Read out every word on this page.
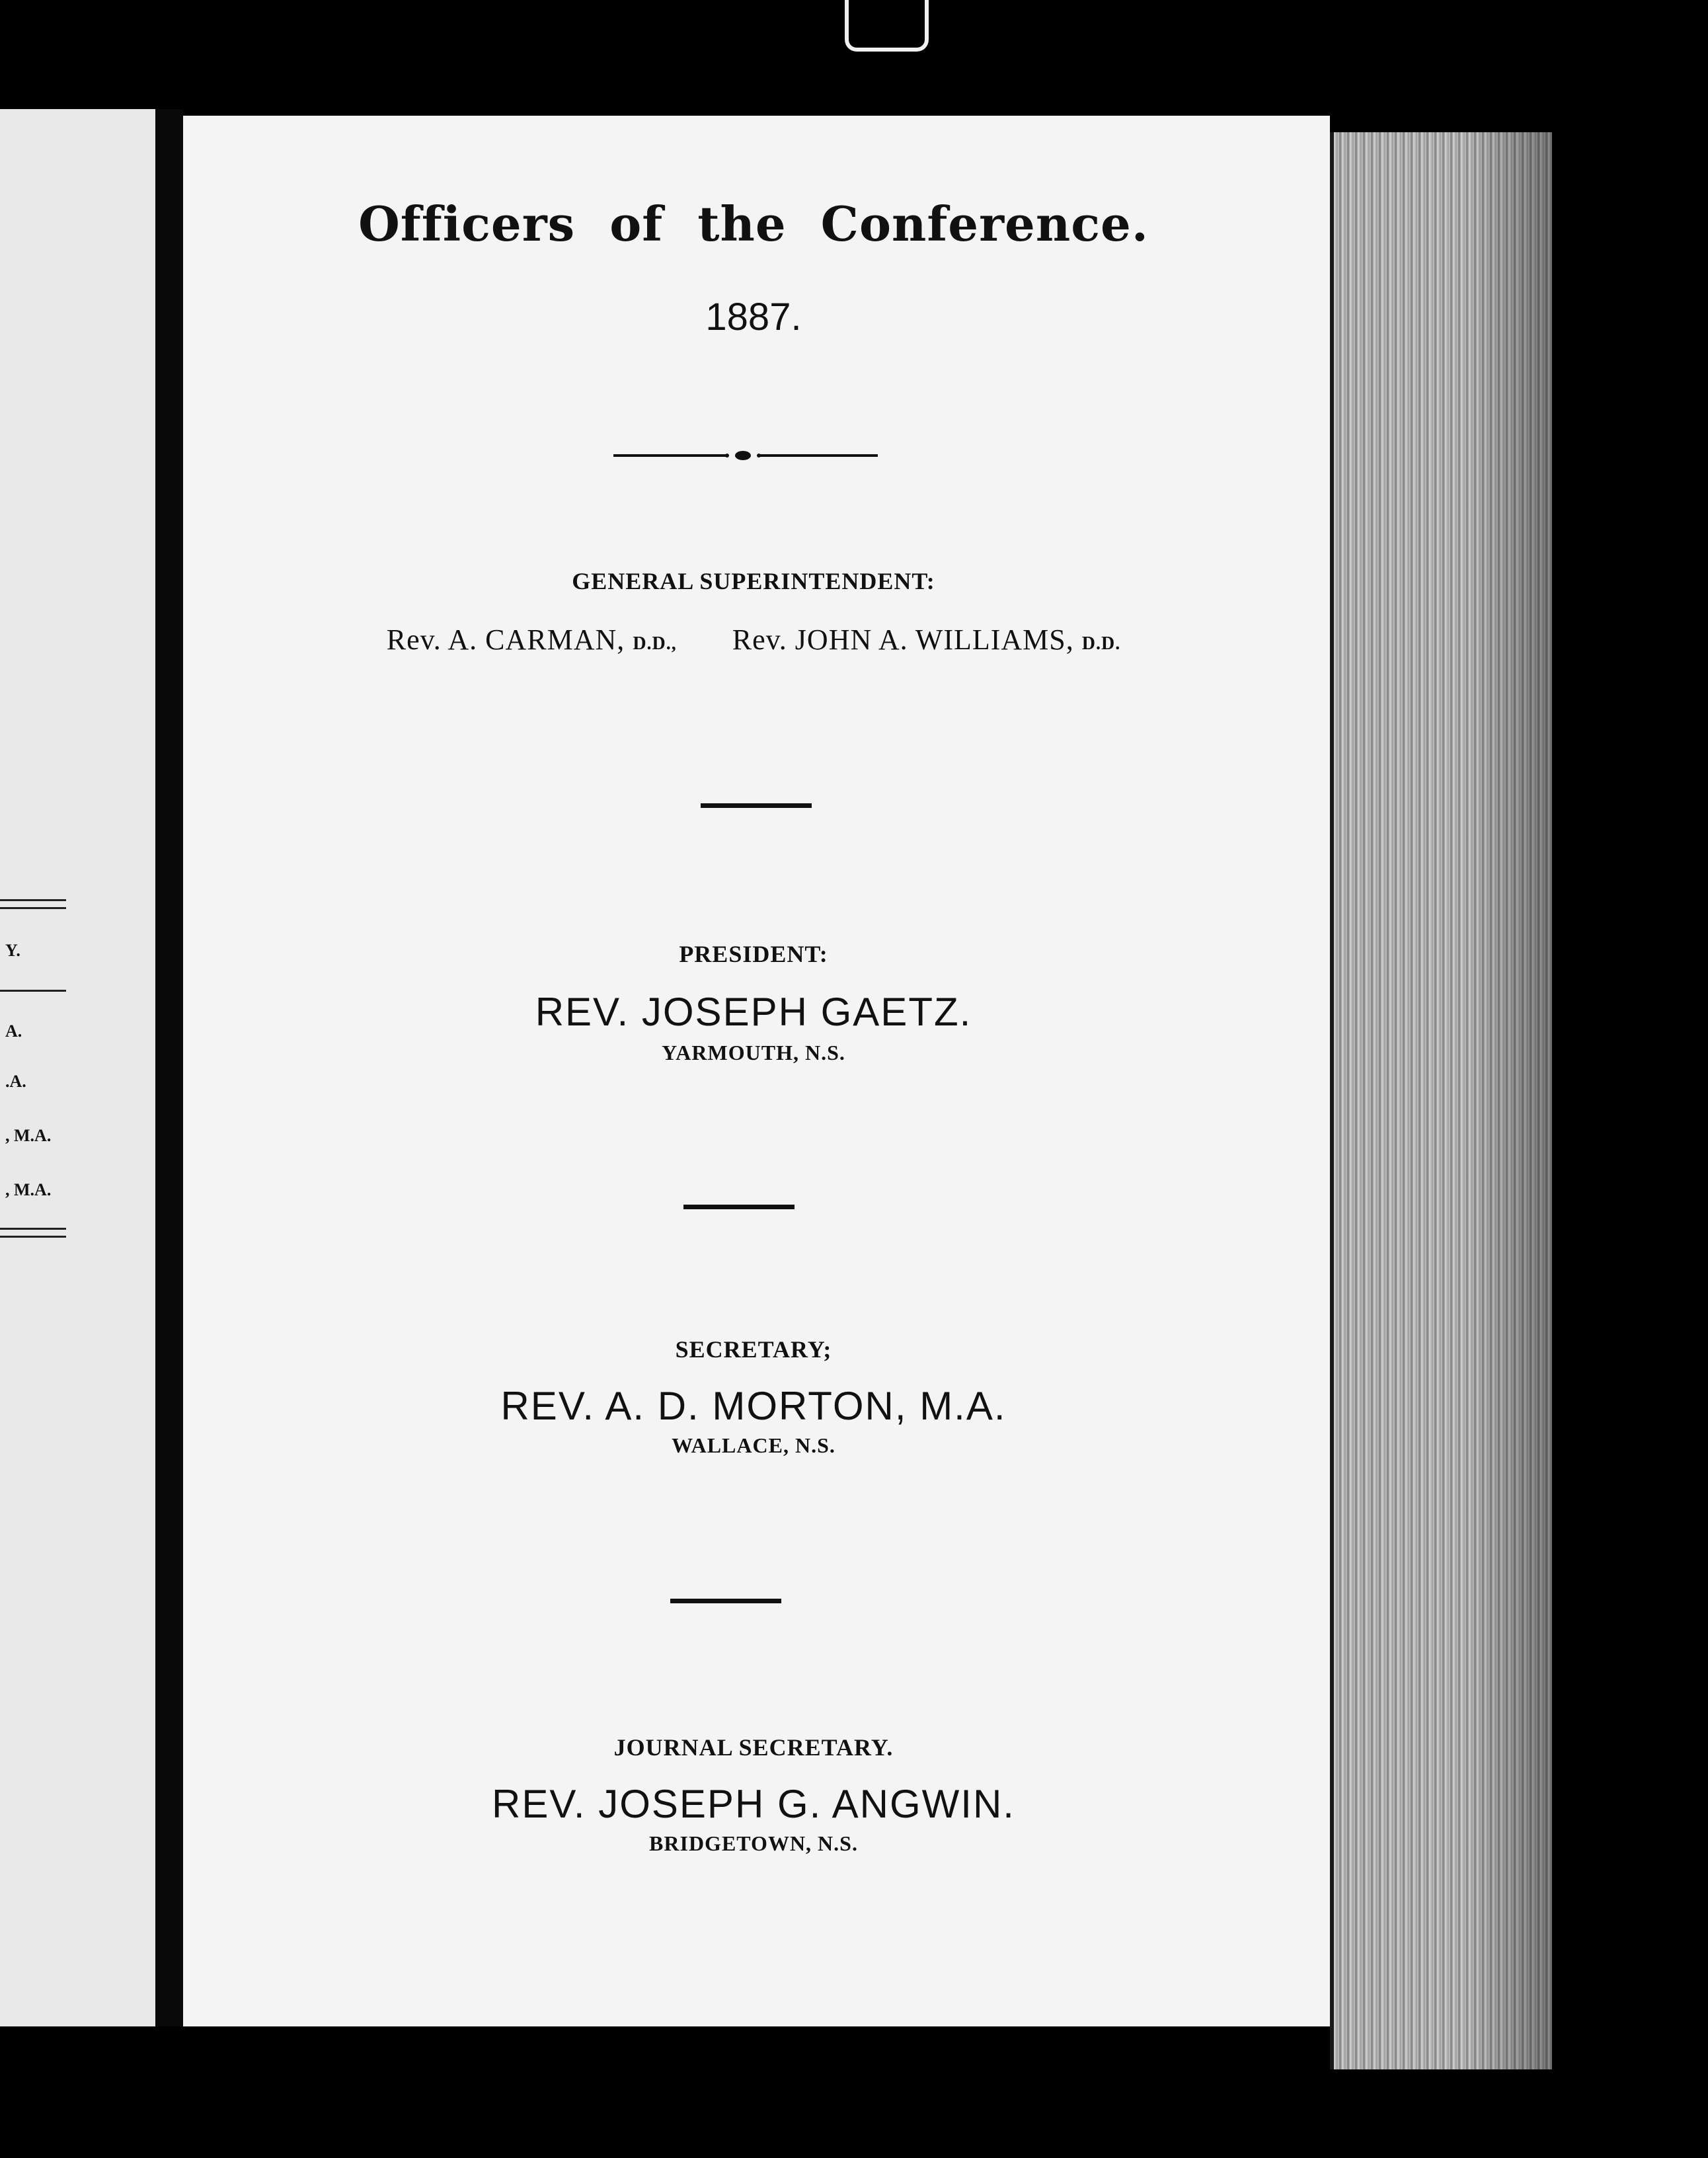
Y.
A.
.A.
, M.A.
, M.A.
Officers of the Conference.
1887.
GENERAL SUPERINTENDENT:
Rev. A. CARMAN, D.D., Rev. JOHN A. WILLIAMS, D.D.
PRESIDENT:
REV. JOSEPH GAETZ.
YARMOUTH, N.S.
SECRETARY;
REV. A. D. MORTON, M.A.
WALLACE, N.S.
JOURNAL SECRETARY.
REV. JOSEPH G. ANGWIN.
BRIDGETOWN, N.S.
